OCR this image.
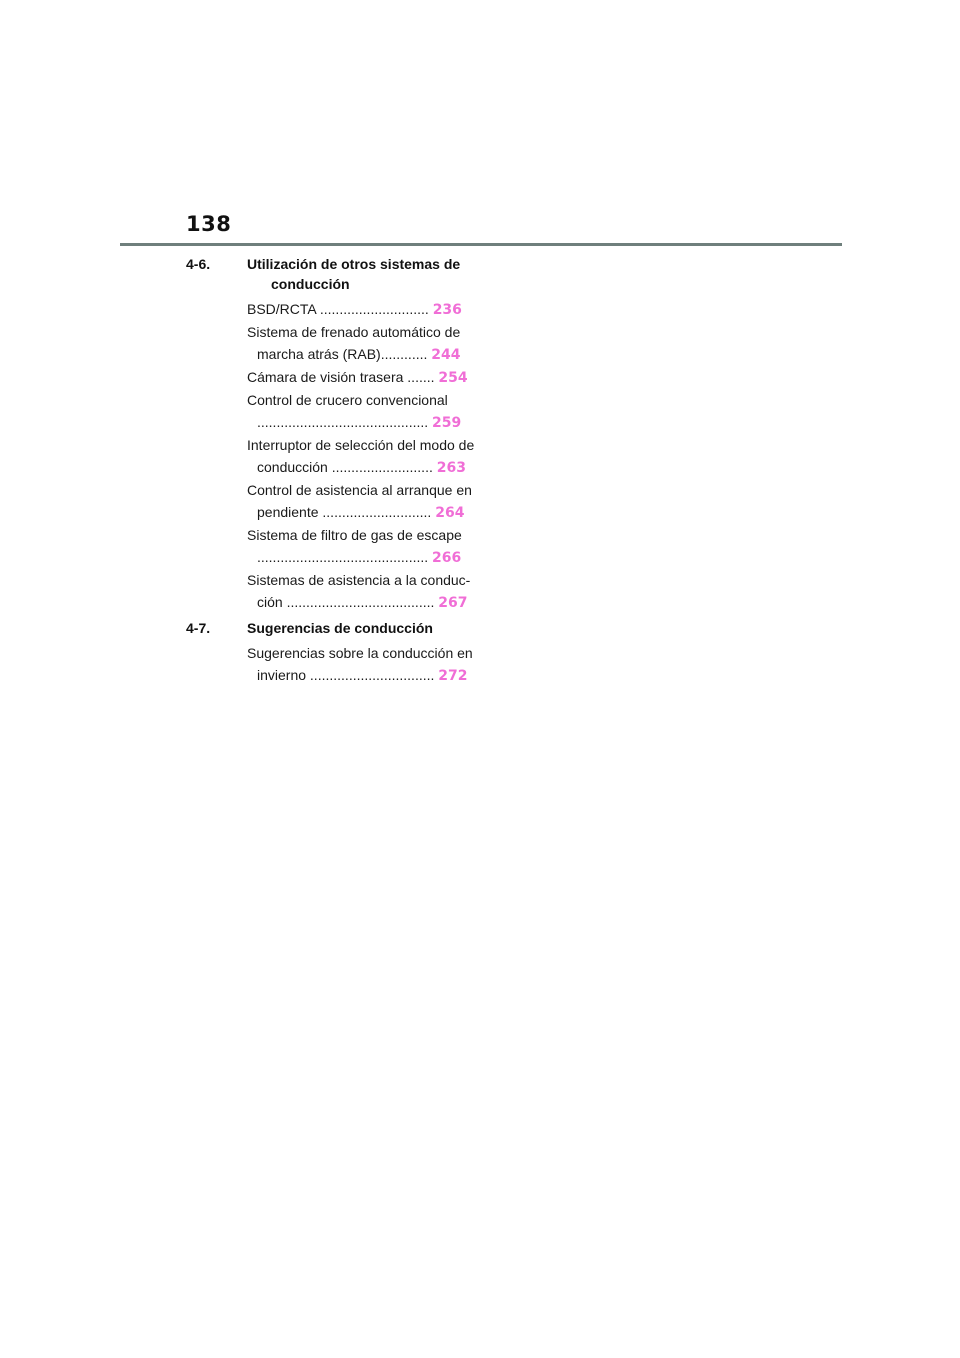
138
4-6.	Utilización de otros sistemas de
conducción
BSD/RCTA ............................ 236
Sistema de frenado automático de
marcha atrás (RAB)............ 244
Cámara de visión trasera ....... 254
Control de crucero convencional
............................................ 259
Interruptor de selección del modo de
conducción .......................... 263
Control de asistencia al arranque en
pendiente ............................ 264
Sistema de filtro de gas de escape
............................................ 266
Sistemas de asistencia a la conduc-
ción ...................................... 267
4-7.	Sugerencias de conducción
Sugerencias sobre la conducción en
invierno ................................ 272
